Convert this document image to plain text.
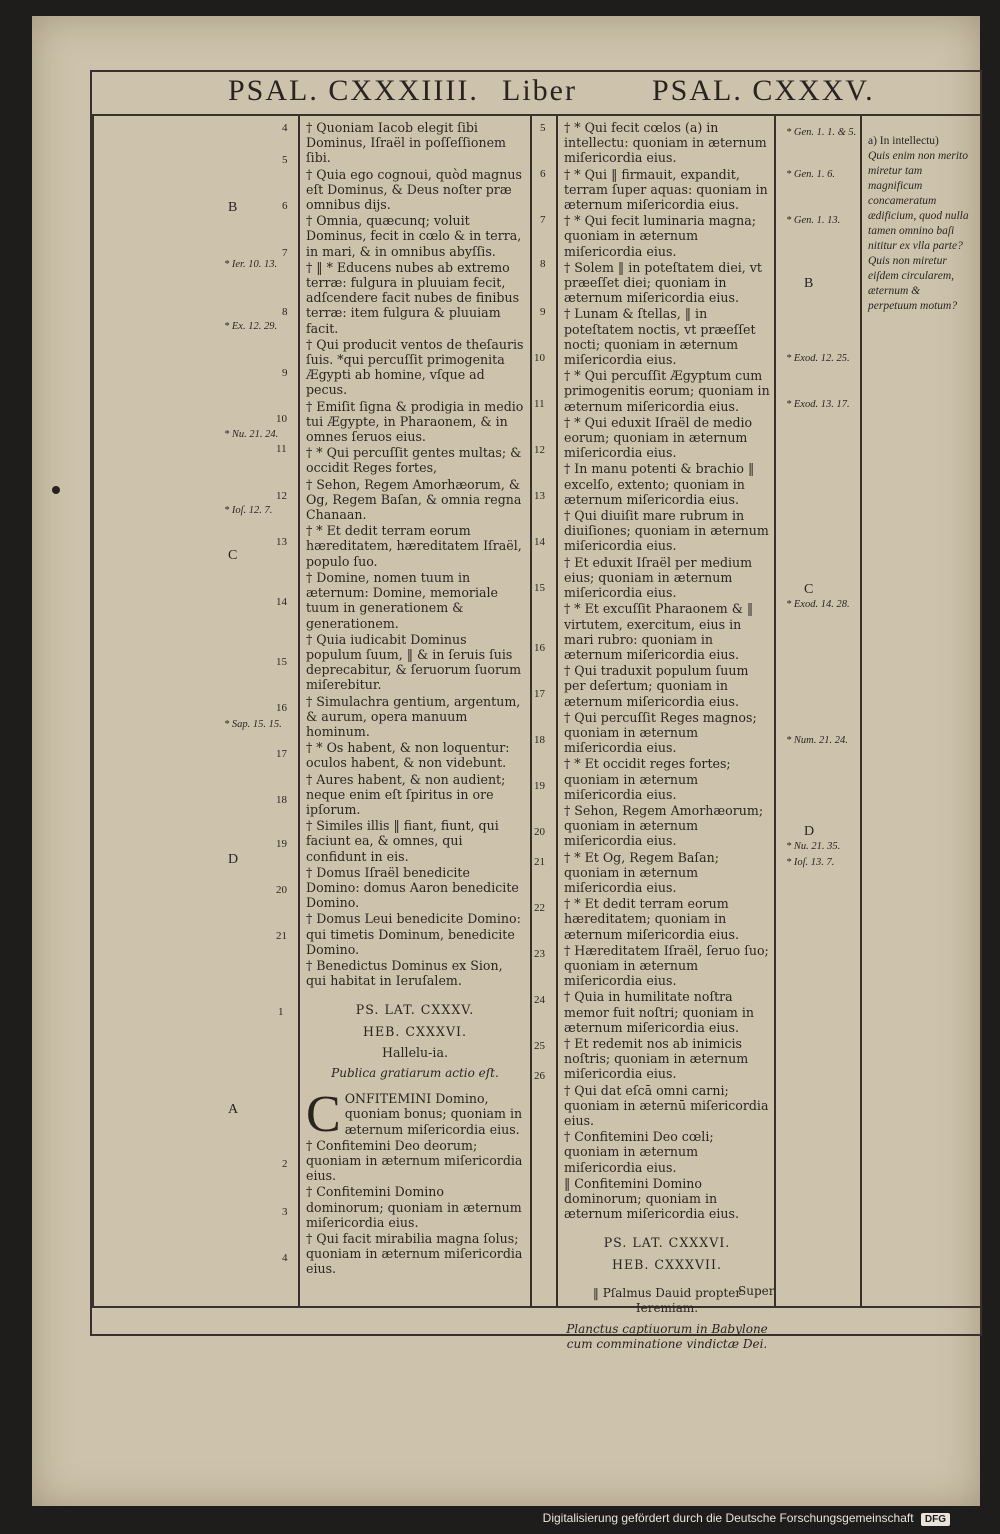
PSAL. CXXXIIII. Liber	PSAL. CXXXV.

† Quoniam Iacob elegit ſibi Dominus, Iſraël in poſſeſſionem ſibi.

† Quia ego cognoui, quòd magnus eſt Dominus, & Deus noſter præ omnibus dijs.

† Omnia, quæcunq; voluit Dominus, fecit in cœlo & in terra, in mari, & in omnibus abyſſis.

† ‖ * Educens nubes ab extremo terræ: fulgura in pluuiam fecit, adſcendere facit nubes de finibus terræ: item fulgura & pluuiam facit.

† Qui producit ventos de theſauris ſuis. *qui percuſſit primogenita Ægypti ab homine, vſque ad pecus.

† Emiſit ſigna & prodigia in medio tui Ægypte, in Pharaonem, & in omnes ſeruos eius.

† * Qui percuſſit gentes multas; & occidit Reges fortes,

† Sehon, Regem Amorhæorum, & Og, Regem Baſan, & omnia regna Chanaan.

† * Et dedit terram eorum hæreditatem, hæreditatem Iſraël, populo ſuo.

† Domine, nomen tuum in æternum: Domine, memoriale tuum in generationem & generationem.

† Quia iudicabit Dominus populum ſuum, ‖ & in ſeruis ſuis deprecabitur, & ſeruorum ſuorum miſerebitur.

† Simulachra gentium, argentum, & aurum, opera manuum hominum.

† * Os habent, & non loquentur: oculos habent, & non videbunt.

† Aures habent, & non audient; neque enim eſt ſpiritus in ore ipſorum.

† Similes illis ‖ fiant, fiunt, qui faciunt ea, & omnes, qui confidunt in eis.

† Domus Iſraël benedicite Domino: domus Aaron benedicite Domino.

† Domus Leui benedicite Domino: qui timetis Dominum, benedicite Domino.

† Benedictus Dominus ex Sion, qui habitat in Ieruſalem.

PS. LAT. CXXXV.
HEB. CXXXVI.
Hallelu-ia.
Publica gratiarum actio eſt.

C ONFITEMINI Domino, quoniam bonus; quoniam in æternum miſericordia eius.

† Confitemini Deo deorum; quoniam in æternum miſericordia eius.

† Confitemini Domino dominorum; quoniam in æternum miſericordia eius.

† Qui facit mirabilia magna ſolus; quoniam in æternum miſericordia eius.

4
5
6
7
8
9
10
11
12
13
14
15
16
17
18
19
20
21
1
2
3
4
B
C
D
A
* Ier. 10. 13.
* Ex. 12. 29.
* Nu. 21. 24.
* Ioſ. 12. 7.
* Sap. 15. 15.

† * Qui fecit cœlos (a) in intellectu: quoniam in æternum miſericordia eius.

† * Qui ‖ firmauit, expandit, terram ſuper aquas: quoniam in æternum miſericordia eius.

† * Qui fecit luminaria magna; quoniam in æternum miſericordia eius.

† Solem ‖ in poteſtatem diei, vt præeſſet diei; quoniam in æternum miſericordia eius.

† Lunam & ſtellas, ‖ in poteſtatem noctis, vt præeſſet nocti; quoniam in æternum miſericordia eius.

† * Qui percuſſit Ægyptum cum primogenitis eorum; quoniam in æternum miſericordia eius.

† * Qui eduxit Iſraël de medio eorum; quoniam in æternum miſericordia eius.

† In manu potenti & brachio ‖ excelſo, extento; quoniam in æternum miſericordia eius.

† Qui diuiſit mare rubrum in diuiſiones; quoniam in æternum miſericordia eius.

† Et eduxit Iſraël per medium eius; quoniam in æternum miſericordia eius.

† * Et excuſſit Pharaonem & ‖ virtutem, exercitum, eius in mari rubro: quoniam in æternum miſericordia eius.

† Qui traduxit populum ſuum per deſertum; quoniam in æternum miſericordia eius.

† Qui percuſſit Reges magnos; quoniam in æternum miſericordia eius.

† * Et occidit reges fortes; quoniam in æternum miſericordia eius.

† Sehon, Regem Amorhæorum; quoniam in æternum miſericordia eius.

† * Et Og, Regem Baſan; quoniam in æternum miſericordia eius.

† * Et dedit terram eorum hæreditatem; quoniam in æternum miſericordia eius.

† Hæreditatem Iſraël, ſeruo ſuo; quoniam in æternum miſericordia eius.

† Quia in humilitate noſtra memor fuit noſtri; quoniam in æternum miſericordia eius.

† Et redemit nos ab inimicis noſtris; quoniam in æternum miſericordia eius.

† Qui dat eſcā omni carni; quoniam in æternū miſericordia eius.

† Confitemini Deo cœli; quoniam in æternum miſericordia eius.

‖ Confitemini Domino dominorum; quoniam in æternum miſericordia eius.

PS. LAT. CXXXVI.
HEB. CXXXVII.
‖ Pſalmus Dauid propter Ieremiam.
Planctus captiuorum in Babylone cum comminatione vindictæ Dei.
Super
5
6
7
8
9
10
11
12
13
14
15
16
17
18
19
20
21
22
23
24
25
26
* Gen. 1. 1. & 5.
* Gen. 1. 6.
* Gen. 1. 13.
B
* Exod. 12. 25.
* Exod. 13. 17.
C
* Exod. 14. 28.
* Num. 21. 24.
D
* Nu. 21. 35.
* Ioſ. 13. 7.
a) In intellectu)
Quis enim non merito miretur tam magnificum concameratum ædificium, quod nulla tamen omnino baſi nititur ex vlla parte? Quis non miretur eiſdem circularem, æternum & perpetuum motum?
Digitalisierung gefördert durch die Deutsche Forschungsgemeinschaft DFG
